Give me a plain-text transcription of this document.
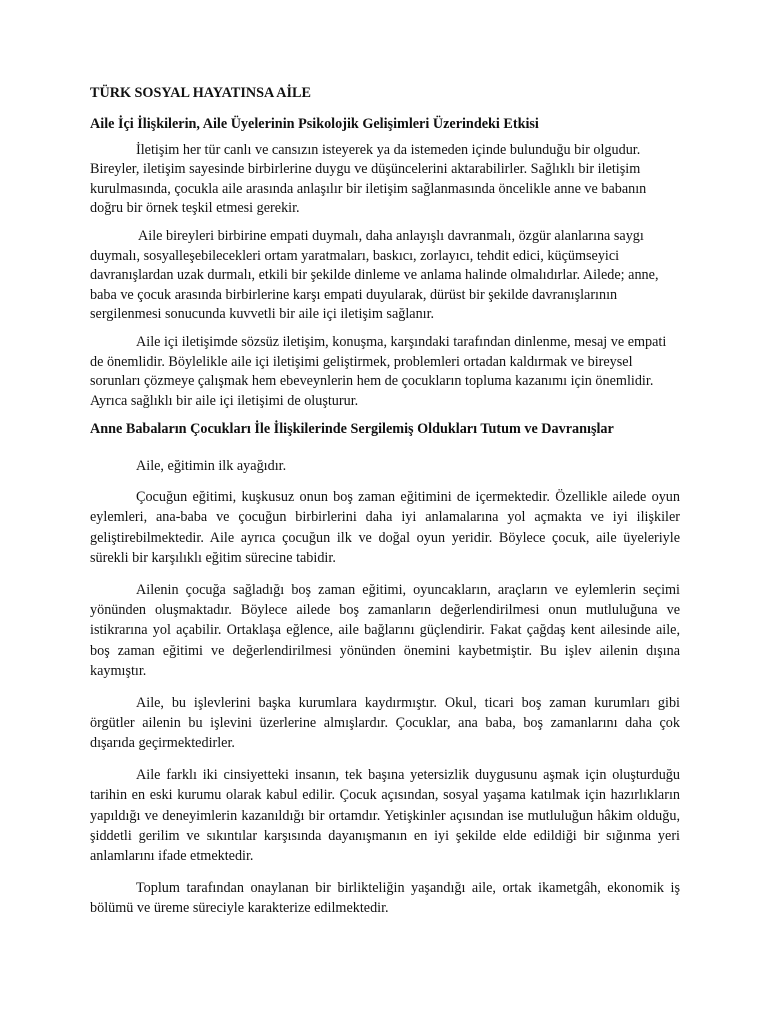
TÜRK SOSYAL HAYATINSA AİLE
Aile İçi İlişkilerin, Aile Üyelerinin Psikolojik Gelişimleri Üzerindeki Etkisi

İletişim her tür canlı ve cansızın isteyerek ya da istemeden içinde bulunduğu bir olgudur. Bireyler, iletişim sayesinde birbirlerine duygu ve düşüncelerini aktarabilirler. Sağlıklı bir iletişim kurulmasında, çocukla aile arasında anlaşılır bir iletişim sağlanmasında öncelikle anne ve babanın doğru bir örnek teşkil etmesi gerekir.

Aile bireyleri birbirine empati duymalı, daha anlayışlı davranmalı, özgür alanlarına saygı duymalı, sosyalleşebilecekleri ortam yaratmaları, baskıcı, zorlayıcı, tehdit edici, küçümseyici davranışlardan uzak durmalı, etkili bir şekilde dinleme ve anlama halinde olmalıdırlar. Ailede; anne, baba ve çocuk arasında birbirlerine karşı empati duyularak, dürüst bir şekilde davranışlarının sergilenmesi sonucunda kuvvetli bir aile içi iletişim sağlanır.

Aile içi iletişimde sözsüz iletişim, konuşma, karşındaki tarafından dinlenme, mesaj ve empati de önemlidir. Böylelikle aile içi iletişimi geliştirmek, problemleri ortadan kaldırmak ve bireysel sorunları çözmeye çalışmak hem ebeveynlerin hem de çocukların topluma kazanımı için önemlidir. Ayrıca sağlıklı bir aile içi iletişimi de oluşturur.

Anne Babaların Çocukları İle İlişkilerinde Sergilemiş Oldukları Tutum ve Davranışlar

Aile, eğitimin ilk ayağıdır.

Çocuğun eğitimi, kuşkusuz onun boş zaman eğitimini de içermektedir. Özellikle ailede oyun eylemleri, ana-baba ve çocuğun birbirlerini daha iyi anlamalarına yol açmakta ve iyi ilişkiler geliştirebilmektedir. Aile ayrıca çocuğun ilk ve doğal oyun yeridir. Böylece çocuk, aile üyeleriyle sürekli bir karşılıklı eğitim sürecine tabidir.

Ailenin çocuğa sağladığı boş zaman eğitimi, oyuncakların, araçların ve eylemlerin seçimi yönünden oluşmaktadır. Böylece ailede boş zamanların değerlendirilmesi onun mutluluğuna ve istikrarına yol açabilir. Ortaklaşa eğlence, aile bağlarını güçlendirir. Fakat çağdaş kent ailesinde aile, boş zaman eğitimi ve değerlendirilmesi yönünden önemini kaybetmiştir. Bu işlev ailenin dışına kaymıştır.

Aile, bu işlevlerini başka kurumlara kaydırmıştır. Okul, ticari boş zaman kurumları gibi örgütler ailenin bu işlevini üzerlerine almışlardır. Çocuklar, ana baba, boş zamanlarını daha çok dışarıda geçirmektedirler.

Aile farklı iki cinsiyetteki insanın, tek başına yetersizlik duygusunu aşmak için oluşturduğu tarihin en eski kurumu olarak kabul edilir. Çocuk açısından, sosyal yaşama katılmak için hazırlıkların yapıldığı ve deneyimlerin kazanıldığı bir ortamdır. Yetişkinler açısından ise mutluluğun hâkim olduğu, şiddetli gerilim ve sıkıntılar karşısında dayanışmanın en iyi şekilde elde edildiği bir sığınma yeri anlamlarını ifade etmektedir.

Toplum tarafından onaylanan bir birlikteliğin yaşandığı aile, ortak ikametgâh, ekonomik iş bölümü ve üreme süreciyle karakterize edilmektedir.
